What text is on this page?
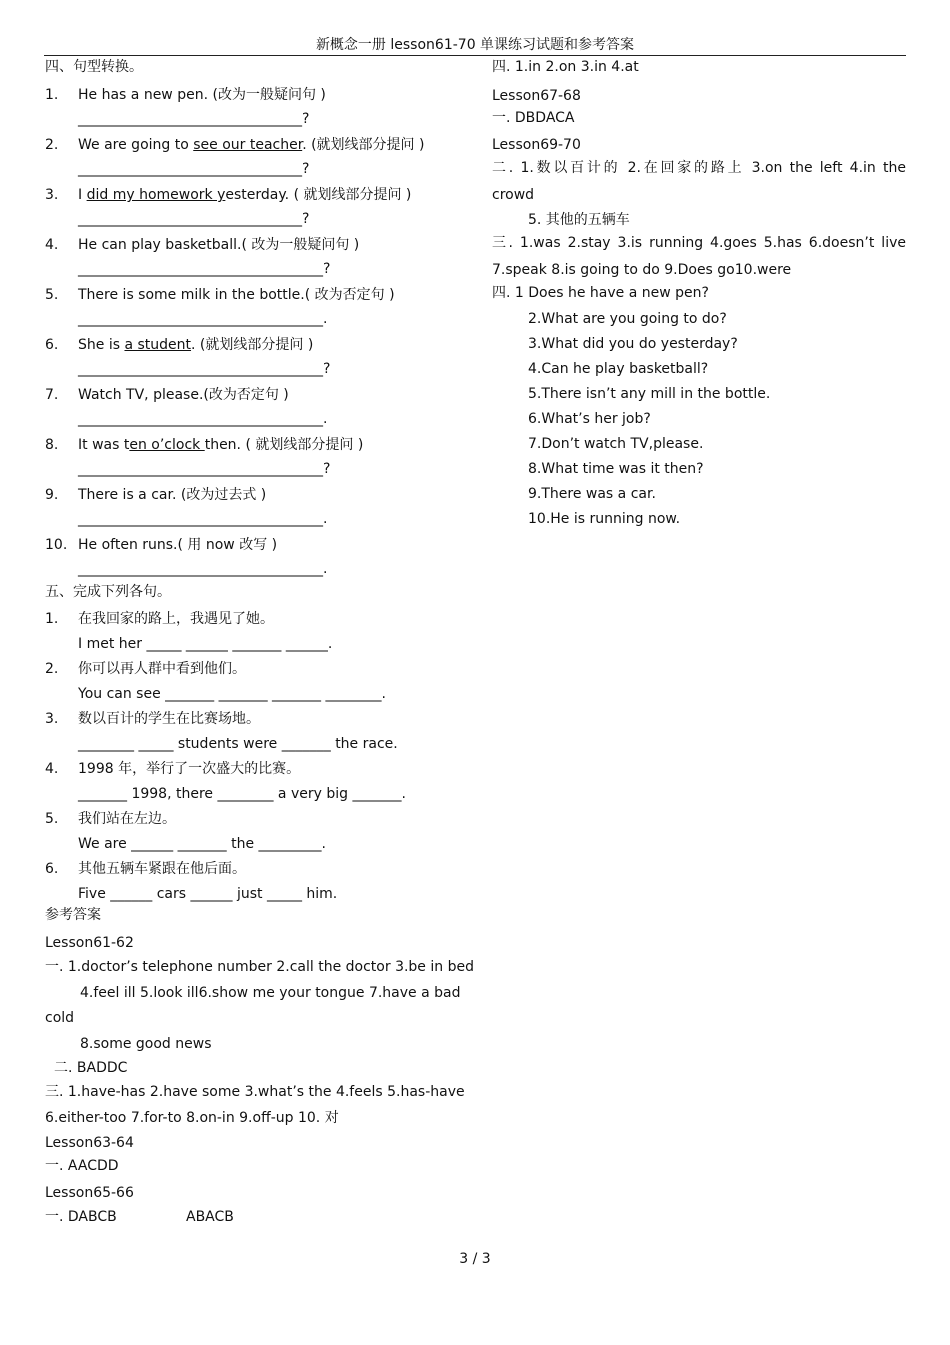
新概念一册 lesson61-70 单课练习试题和参考答案
四、句型转换。
1. He has a new pen. (改为一般疑问句 )
________________________________?
2. We are going to see our teacher. (就划线部分提问 )
________________________________?
3. I did my homework yesterday. ( 就划线部分提问 )
________________________________?
4. He can play basketball.( 改为一般疑问句 )
___________________________________?
5. There is some milk in the bottle.( 改为否定句 )
___________________________________.
6. She is a student. (就划线部分提问 )
___________________________________?
7. Watch TV, please.(改为否定句 )
___________________________________.
8. It was ten o’clock then. ( 就划线部分提问 )
___________________________________?
9. There is a car. (改为过去式 )
___________________________________.
10. He often runs.( 用 now 改写 )
___________________________________.
五、完成下列各句。
1. 在我回家的路上，我遇见了她。
I met her _____ ______ _______ ______.
2. 你可以再人群中看到他们。
You can see _______ _______ _______ ________.
3. 数以百计的学生在比赛场地。
________ _____ students were _______ the race.
4. 1998 年，举行了一次盛大的比赛。
_______ 1998, there ________ a very big _______.
5. 我们站在左边。
We are ______ _______ the _________.
6. 其他五辆车紧跟在他后面。
Five ______ cars ______ just _____ him.
参考答案
Lesson61-62
一. 1.doctor’s telephone number 2.call the doctor 3.be in bed
4.feel ill 5.look ill6.show me your tongue 7.have a bad
cold
8.some good news
二. BADDC
三. 1.have-has 2.have some 3.what’s the 4.feels 5.has-have
6.either-too 7.for-to 8.on-in 9.off-up 10. 对
Lesson63-64
一. AACDD
Lesson65-66
一. DABCB	ABACB
四. 1.in 2.on 3.in 4.at
Lesson67-68
一. DBDACA
Lesson69-70
二. 1.数以百计的 2.在回家的路上 3.on the left 4.in the
crowd
5. 其他的五辆车
三. 1.was 2.stay 3.is running 4.goes 5.has 6.doesn’t live
7.speak 8.is going to do 9.Does go10.were
四. 1 Does he have a new pen?
2.What are you going to do?
3.What did you do yesterday?
4.Can he play basketball?
5.There isn’t any mill in the bottle.
6.What’s her job?
7.Don’t watch TV,please.
8.What time was it then?
9.There was a car.
10.He is running now.
3 / 3
